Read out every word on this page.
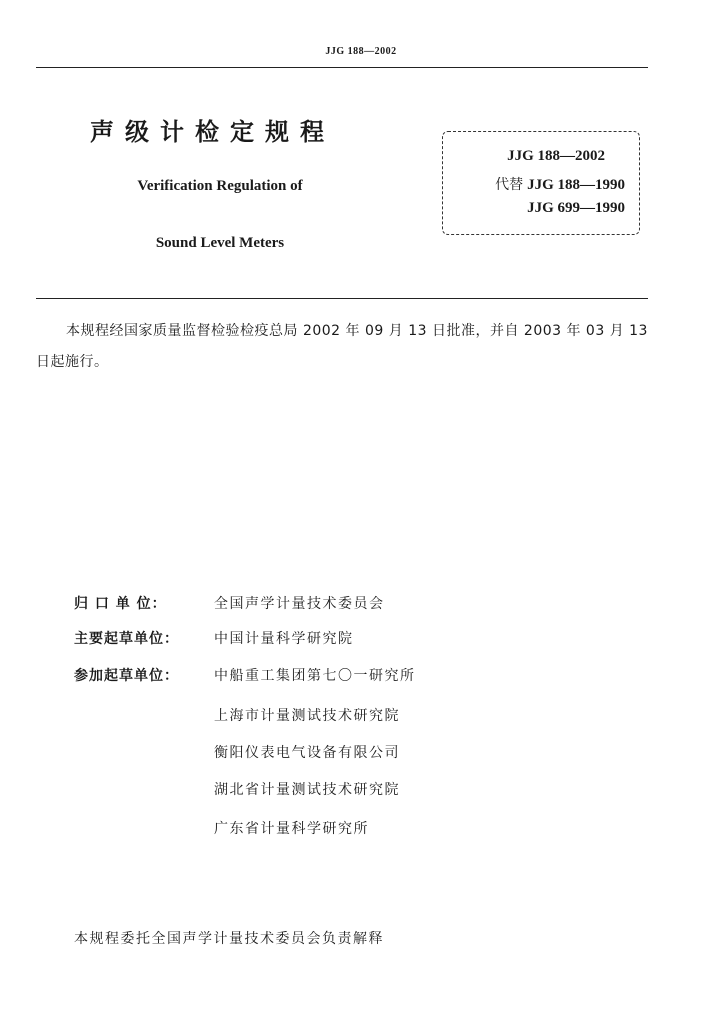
JJG 188—2002
声级计检定规程
Verification Regulation of
Sound Level Meters
JJG 188—2002
代替 JJG 188—1990
JJG 699—1990
本规程经国家质量监督检验检疫总局 2002 年 09 月 13 日批准，并自 2003 年 03 月 13 日起施行。
归 口 单 位：	全国声学计量技术委员会
主要起草单位：	中国计量科学研究院
参加起草单位：	中船重工集团第七〇一研究所
上海市计量测试技术研究院
衡阳仪表电气设备有限公司
湖北省计量测试技术研究院
广东省计量科学研究所
本规程委托全国声学计量技术委员会负责解释
